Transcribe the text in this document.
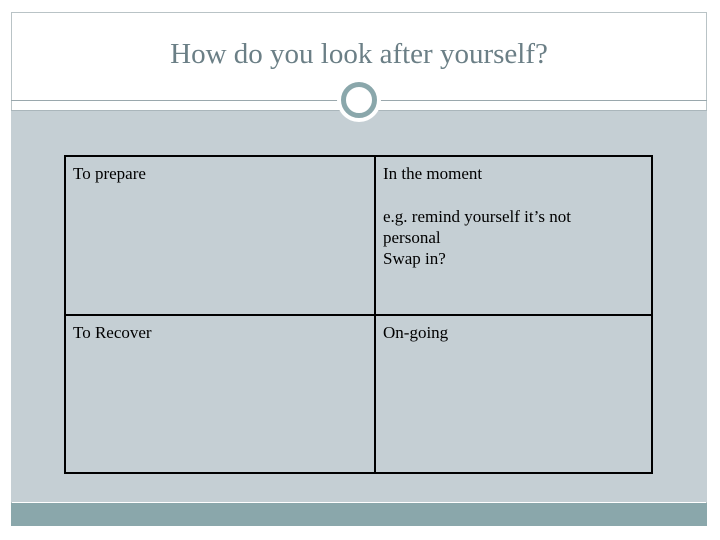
How do you look after yourself?
To prepare	In the moment
e.g. remind yourself it’s not
personal
Swap in?

To Recover	On-going
